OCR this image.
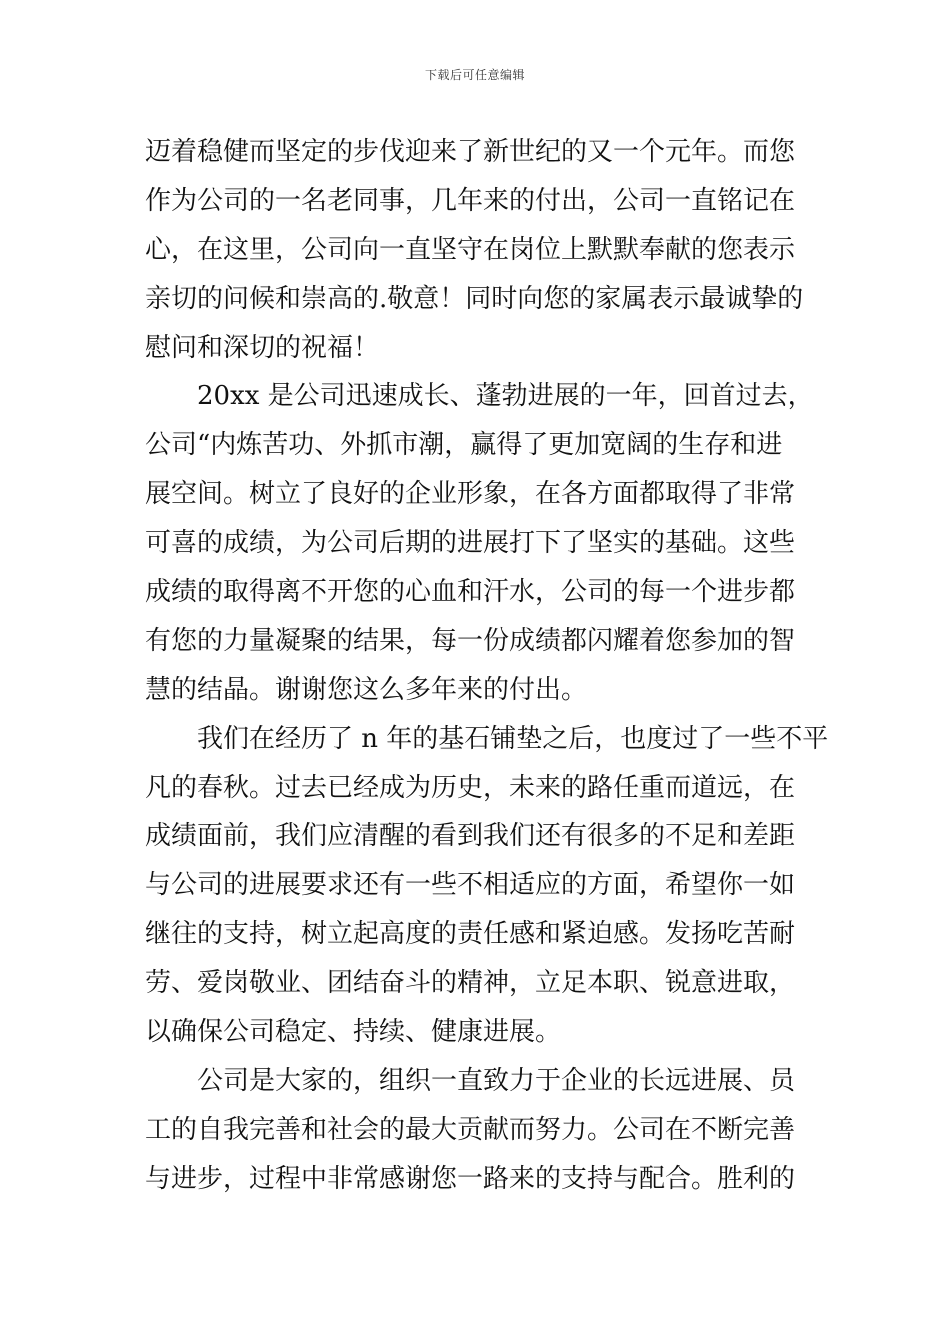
下载后可任意编辑
迈着稳健而坚定的步伐迎来了新世纪的又一个元年。而您
作为公司的一名老同事，几年来的付出，公司一直铭记在
心，在这里，公司向一直坚守在岗位上默默奉献的您表示
亲切的问候和崇高的.敬意！同时向您的家属表示最诚挚的
慰问和深切的祝福！
20xx 是公司迅速成长、蓬勃进展的一年，回首过去，
公司“内炼苦功、外抓市潮，赢得了更加宽阔的生存和进
展空间。树立了良好的企业形象，在各方面都取得了非常
可喜的成绩，为公司后期的进展打下了坚实的基础。这些
成绩的取得离不开您的心血和汗水，公司的每一个进步都
有您的力量凝聚的结果，每一份成绩都闪耀着您参加的智
慧的结晶。谢谢您这么多年来的付出。
我们在经历了 n 年的基石铺垫之后，也度过了一些不平
凡的春秋。过去已经成为历史，未来的路任重而道远，在
成绩面前，我们应清醒的看到我们还有很多的不足和差距
与公司的进展要求还有一些不相适应的方面，希望你一如
继往的支持，树立起高度的责任感和紧迫感。发扬吃苦耐
劳、爱岗敬业、团结奋斗的精神，立足本职、锐意进取，
以确保公司稳定、持续、健康进展。
公司是大家的，组织一直致力于企业的长远进展、员
工的自我完善和社会的最大贡献而努力。公司在不断完善
与进步，过程中非常感谢您一路来的支持与配合。胜利的
